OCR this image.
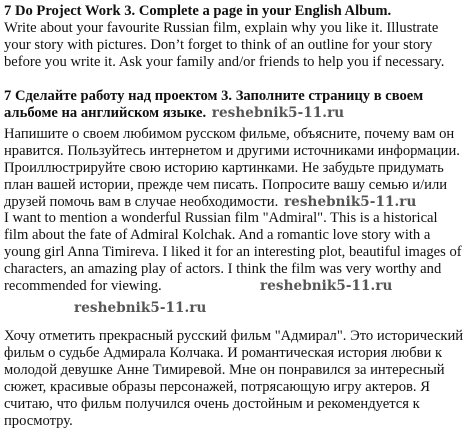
7 Do Project Work 3. Complete a page in your English Album.
Write about your favourite Russian film, explain why you like it. Illustrate your story with pictures. Don’t forget to think of an outline for your story before you write it. Ask your family and/or friends to help you if necessary.

7 Сделайте работу над проектом 3. Заполните страницу в своем альбоме на английском языке. reshebnik5-11.ru

Напишите о своем любимом русском фильме, объясните, почему вам он нравится. Пользуйтесь интернетом и другими источниками информации. Проиллюстрируйте свою историю картинками. Не забудьте придумать план вашей истории, прежде чем писать. Попросите вашу семью и/или друзей помочь вам в случае необходимости. reshebnik5-11.ru

I want to mention a wonderful Russian film "Admiral". This is a historical film about the fate of Admiral Kolchak. And a romantic love story with a young girl Anna Timireva. I liked it for an interesting plot, beautiful images of characters, an amazing play of actors. I think the film was very worthy and recommended for viewing.	reshebnik5-11.ru
reshebnik5-11.ru

Хочу отметить прекрасный русский фильм "Адмирал". Это исторический фильм о судьбе Адмирала Колчака. И романтическая история любви к молодой девушке Анне Тимиревой. Мне он понравился за интересный сюжет, красивые образы персонажей, потрясающую игру актеров. Я считаю, что фильм получился очень достойным и рекомендуется к просмотру.
